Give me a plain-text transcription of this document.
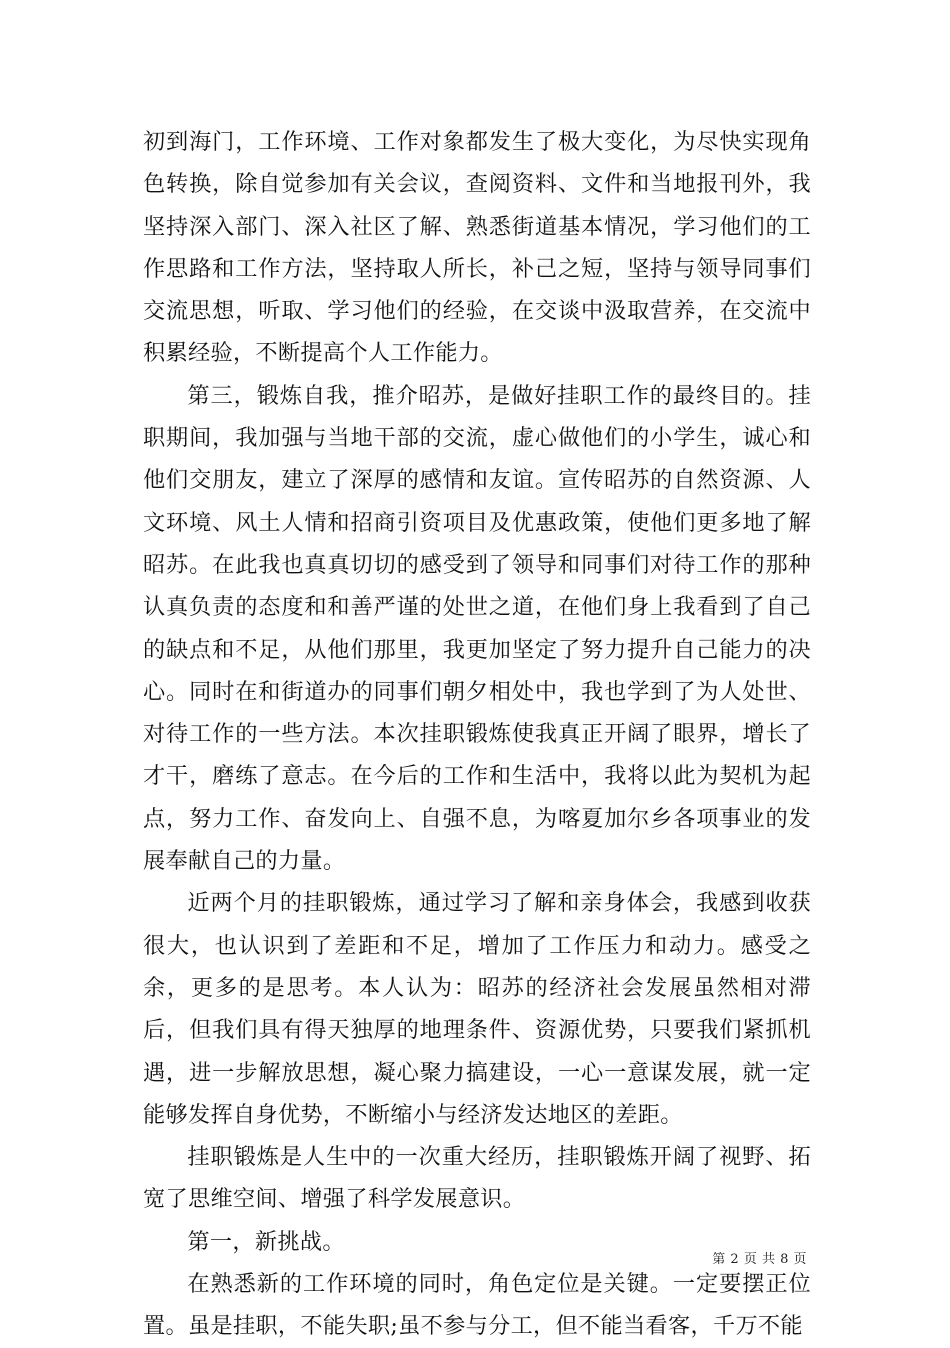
初到海门，工作环境、工作对象都发生了极大变化，为尽快实现角色转换，除自觉参加有关会议，查阅资料、文件和当地报刊外，我坚持深入部门、深入社区了解、熟悉街道基本情况，学习他们的工作思路和工作方法，坚持取人所长，补己之短，坚持与领导同事们交流思想，听取、学习他们的经验，在交谈中汲取营养，在交流中积累经验，不断提高个人工作能力。

第三，锻炼自我，推介昭苏，是做好挂职工作的最终目的。挂职期间，我加强与当地干部的交流，虚心做他们的小学生，诚心和他们交朋友，建立了深厚的感情和友谊。宣传昭苏的自然资源、人文环境、风土人情和招商引资项目及优惠政策，使他们更多地了解昭苏。在此我也真真切切的感受到了领导和同事们对待工作的那种认真负责的态度和和善严谨的处世之道，在他们身上我看到了自己的缺点和不足，从他们那里，我更加坚定了努力提升自己能力的决心。同时在和街道办的同事们朝夕相处中，我也学到了为人处世、对待工作的一些方法。本次挂职锻炼使我真正开阔了眼界，增长了才干，磨练了意志。在今后的工作和生活中，我将以此为契机为起点，努力工作、奋发向上、自强不息，为喀夏加尔乡各项事业的发展奉献自己的力量。

近两个月的挂职锻炼，通过学习了解和亲身体会，我感到收获很大，也认识到了差距和不足，增加了工作压力和动力。感受之余，更多的是思考。本人认为：昭苏的经济社会发展虽然相对滞后，但我们具有得天独厚的地理条件、资源优势，只要我们紧抓机遇，进一步解放思想，凝心聚力搞建设，一心一意谋发展，就一定能够发挥自身优势，不断缩小与经济发达地区的差距。

挂职锻炼是人生中的一次重大经历，挂职锻炼开阔了视野、拓宽了思维空间、增强了科学发展意识。

第一，新挑战。

在熟悉新的工作环境的同时，角色定位是关键。一定要摆正位置。虽是挂职，不能失职;虽不参与分工，但不能当看客，千万不能

第 2 页 共 8 页
